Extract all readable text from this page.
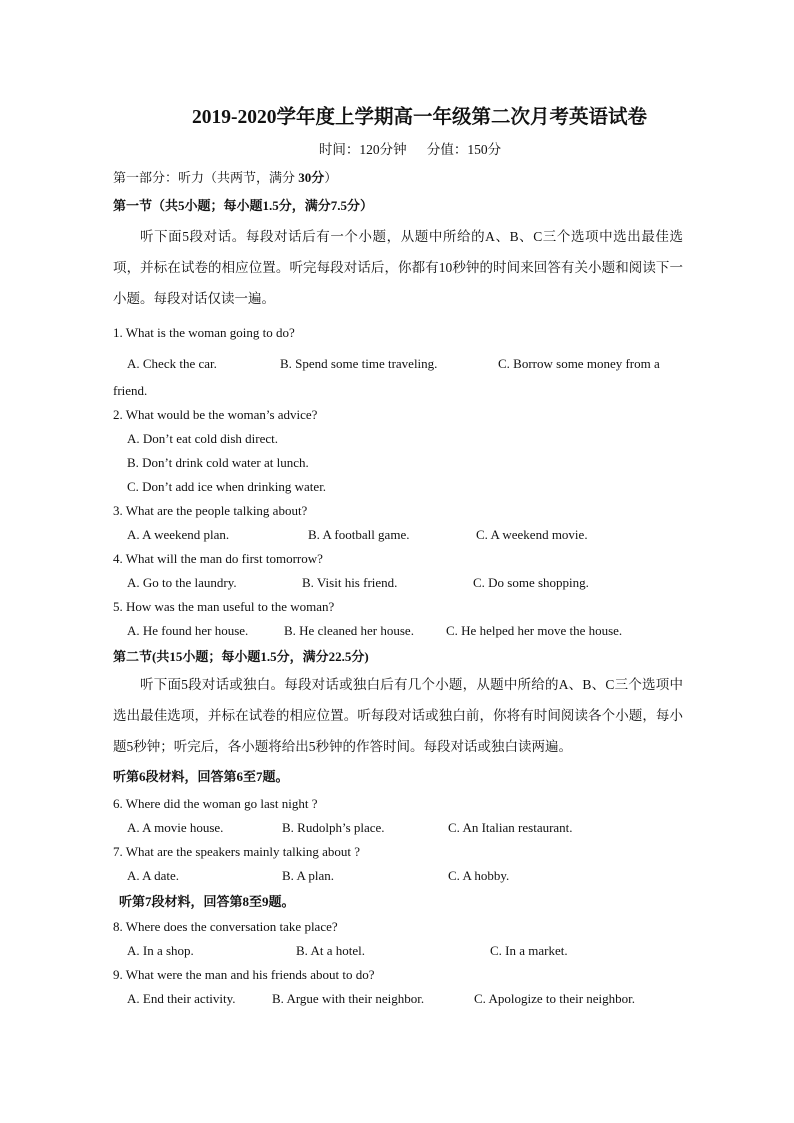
2019-2020学年度上学期高一年级第二次月考英语试卷
时间：120分钟 分值：150分
第一部分：听力（共两节，满分 30分）
第一节（共5小题；每小题1.5分，满分7.5分）
听下面5段对话。每段对话后有一个小题，从题中所给的A、B、C三个选项中选出最佳选项，并标在试卷的相应位置。听完每段对话后，你都有10秒钟的时间来回答有关小题和阅读下一小题。每段对话仅读一遍。
1. What is the woman going to do?
A. Check the car.	B. Spend some time traveling.	C. Borrow some money from a
friend.
2. What would be the woman’s advice?
A. Don’t eat cold dish direct.
B. Don’t drink cold water at lunch.
C. Don’t add ice when drinking water.
3. What are the people talking about?
A. A weekend plan.	B. A football game.	C. A weekend movie.
4. What will the man do first tomorrow?
A. Go to the laundry.	B. Visit his friend.	C. Do some shopping.
5. How was the man useful to the woman?
A. He found her house.	B. He cleaned her house.	C. He helped her move the house.
第二节(共15小题；每小题1.5分，满分22.5分)
听下面5段对话或独白。每段对话或独白后有几个小题，从题中所给的A、B、C三个选项中选出最佳选项，并标在试卷的相应位置。听每段对话或独白前，你将有时间阅读各个小题，每小题5秒钟；听完后，各小题将给出5秒钟的作答时间。每段对话或独白读两遍。
听第6段材料，回答第6至7题。
6. Where did the woman go last night ?
A. A movie house.	B. Rudolph’s place.	C. An Italian restaurant.
7. What are the speakers mainly talking about ?
A. A date.	B. A plan.	C. A hobby.
听第7段材料，回答第8至9题。
8. Where does the conversation take place?
A. In a shop.	B. At a hotel.	C. In a market.
9. What were the man and his friends about to do?
A. End their activity.	B. Argue with their neighbor.	C. Apologize to their neighbor.
